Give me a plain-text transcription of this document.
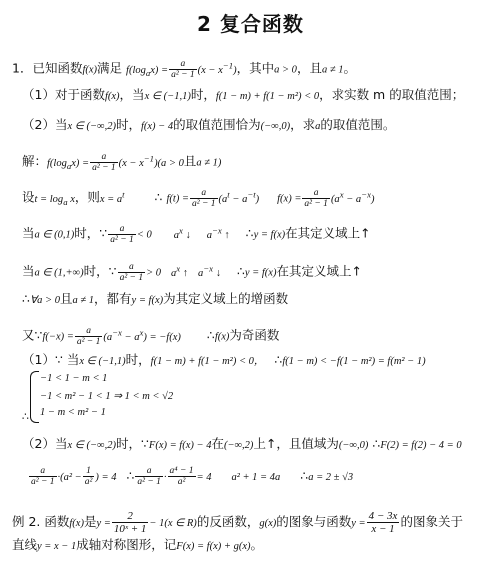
2 复合函数
1．已知函数f(x)满足 $f(\log_ax) = \frac{a}{\text{a² − 1}} (x - x^{-1})$，其中a > 0，且a ≠ 1。
（1）对于函数f(x)，当x ∈ (−1,1)时，f(1 − m) + f(1 − m²) < 0，求实数 m 的取值范围；
（2）当x ∈ (−∞,2)时，f(x) − 4的取值范围恰为(−∞,0)，求a的取值范围。
解：$f(\log_ax) = \frac{a}{\text{a² − 1}} (x - x^{-1})(a > 0$且a ≠ 1)
设$t = \log_a x$，则$x = a^t$ ∴ $f(t) = \frac{a}{\text{a² − 1}} (a^t - a^{-t}) f(x) = \frac{a}{\text{a² − 1}} (a^x - a^{-x})$
当a ∈ (0,1)时，∵ $\frac{a}{\text{a² − 1}} < 0$ $a^x$ ↓ $a^{-x}$ ↑ ∴y = f(x)在其定义域上↑
当a ∈ (1,+∞)时，∵ $\frac{a}{\text{a² − 1}} > 0$ $a^x$ ↑ $a^{-x}$ ↓ ∴y = f(x)在其定义域上↑
∴∀a > 0且a ≠ 1，都有y = f(x)为其定义域上的增函数
又∵f(−x) = $\frac{a}{\text{a² − 1}} (a^{-x} - a^x) = -f(x)$ ∴f(x)为奇函数
（1）∵ 当x ∈ (−1,1)时，f(1 − m) + f(1 − m²) < 0， ∴f(1 − m) < −f(1 − m²) = f(m² − 1)
−1 < 1 − m < 1
−1 < m² − 1 < 1 ⇒ 1 < m < √2
1 − m < m² − 1
∴
（2）当x ∈ (−∞,2)时，∵F(x) = f(x) − 4在(−∞,2)上↑，且值域为(−∞,0) ∴F(2) = f(2) − 4 = 0
$\frac{a}{\text{a² − 1}} \cdot(a^2 - \frac{1}{\text{a²}}$ ) = 4 ∴ $\frac{a}{\text{a² − 1}} \cdot \frac{\text{a⁴ − 1}}{\text{a²}} = 4$ a² + 1 = 4a ∴a = 2 ± √3
例 2. 函数f(x)是$y = \frac{2}{\text{10ˣ + 1}} - 1(x$ ∈ R)的反函数，g(x)的图象与函数$y = \frac{4 - 3x}{x - 1}$ 的图象关于
直线y = x − 1成轴对称图形，记F(x) = f(x) + g(x)。
